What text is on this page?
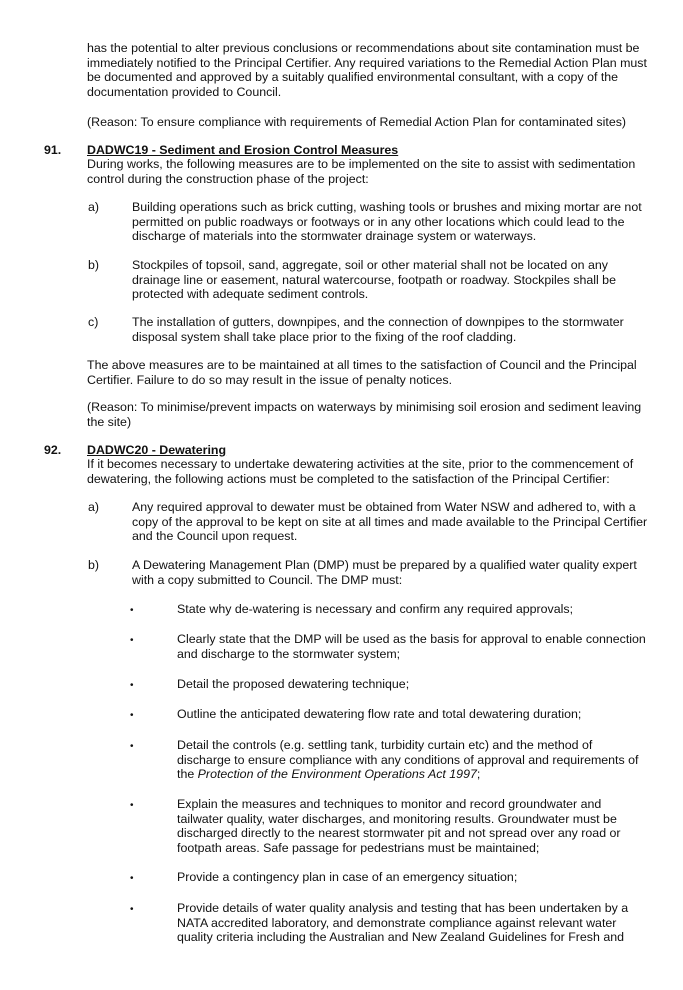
has the potential to alter previous conclusions or recommendations about site contamination must be immediately notified to the Principal Certifier. Any required variations to the Remedial Action Plan must be documented and approved by a suitably qualified environmental consultant, with a copy of the documentation provided to Council.

(Reason: To ensure compliance with requirements of Remedial Action Plan for contaminated sites)

91. DADWC19 - Sediment and Erosion Control Measures

During works, the following measures are to be implemented on the site to assist with sedimentation control during the construction phase of the project:

a)	Building operations such as brick cutting, washing tools or brushes and mixing mortar are not permitted on public roadways or footways or in any other locations which could lead to the discharge of materials into the stormwater drainage system or waterways.

b)	Stockpiles of topsoil, sand, aggregate, soil or other material shall not be located on any drainage line or easement, natural watercourse, footpath or roadway. Stockpiles shall be protected with adequate sediment controls.

c)	The installation of gutters, downpipes, and the connection of downpipes to the stormwater disposal system shall take place prior to the fixing of the roof cladding.

The above measures are to be maintained at all times to the satisfaction of Council and the Principal Certifier. Failure to do so may result in the issue of penalty notices.

(Reason: To minimise/prevent impacts on waterways by minimising soil erosion and sediment leaving the site)

92. DADWC20 - Dewatering

If it becomes necessary to undertake dewatering activities at the site, prior to the commencement of dewatering, the following actions must be completed to the satisfaction of the Principal Certifier:

a)	Any required approval to dewater must be obtained from Water NSW and adhered to, with a copy of the approval to be kept on site at all times and made available to the Principal Certifier and the Council upon request.

b)	A Dewatering Management Plan (DMP) must be prepared by a qualified water quality expert with a copy submitted to Council. The DMP must:

•	State why de-watering is necessary and confirm any required approvals;

•	Clearly state that the DMP will be used as the basis for approval to enable connection and discharge to the stormwater system;

•	Detail the proposed dewatering technique;

•	Outline the anticipated dewatering flow rate and total dewatering duration;

•	Detail the controls (e.g. settling tank, turbidity curtain etc) and the method of discharge to ensure compliance with any conditions of approval and requirements of the Protection of the Environment Operations Act 1997;

•	Explain the measures and techniques to monitor and record groundwater and tailwater quality, water discharges, and monitoring results. Groundwater must be discharged directly to the nearest stormwater pit and not spread over any road or footpath areas. Safe passage for pedestrians must be maintained;

•	Provide a contingency plan in case of an emergency situation;

•	Provide details of water quality analysis and testing that has been undertaken by a NATA accredited laboratory, and demonstrate compliance against relevant water quality criteria including the Australian and New Zealand Guidelines for Fresh and
